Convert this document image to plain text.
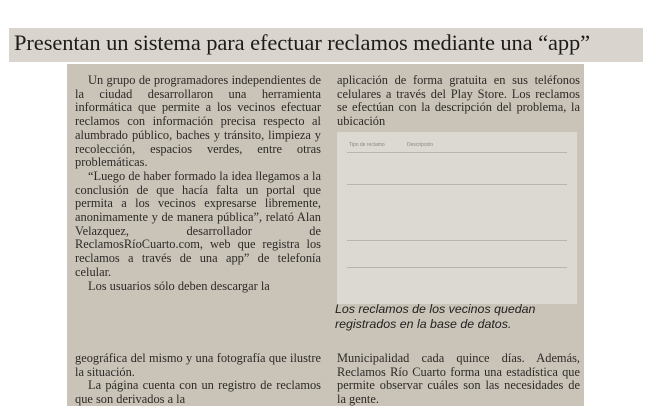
Presentan un sistema para efectuar reclamos mediante una “app”

Un grupo de programadores independientes de la ciudad desarrollaron una herramienta informática que permite a los vecinos efectuar reclamos con información precisa respecto al alumbrado público, baches y tránsito, limpieza y recolección, espacios verdes, entre otras problemáticas.

“Luego de haber formado la idea llegamos a la conclusión de que hacía falta un portal que permita a los vecinos expresarse libremente, anonimamente y de manera pública”, relató Alan Velazquez, desarrollador de ReclamosRíoCuarto.com, web que registra los reclamos a través de una app” de telefonía celular.

Los usuarios sólo deben descargar la

aplicación de forma gratuita en sus teléfonos celulares a través del Play Store. Los reclamos se efectúan con la descripción del problema, la ubicación

Tipo de reclamo	Descripción
Los reclamos de los vecinos quedan registrados en la base de datos.

geográfica del mismo y una fotografía que ilustre la situación.

La página cuenta con un registro de reclamos que son derivados a la

Municipalidad cada quince días. Además, Reclamos Río Cuarto forma una estadística que permite observar cuáles son las necesidades de la gente.
